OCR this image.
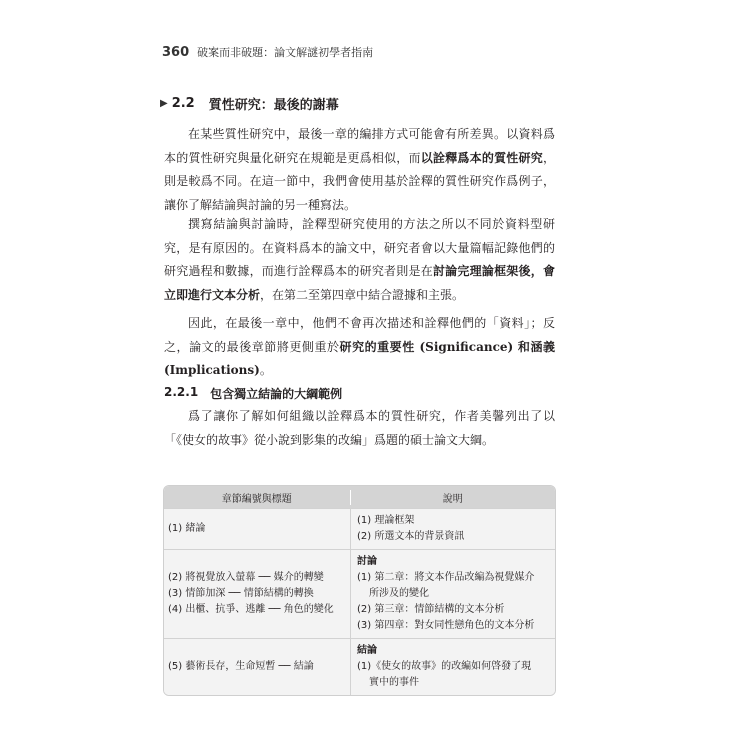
360 破案而非破題：論文解謎初學者指南
▶ 2.2 質性研究：最後的謝幕

在某些質性研究中，最後一章的編排方式可能會有所差異。以資料爲本的質性研究與量化研究在規範是更爲相似，而以詮釋爲本的質性研究，則是較爲不同。在這一節中，我們會使用基於詮釋的質性研究作爲例子，讓你了解結論與討論的另一種寫法。

撰寫結論與討論時，詮釋型研究使用的方法之所以不同於資料型研究，是有原因的。在資料爲本的論文中，研究者會以大量篇幅記錄他們的研究過程和數據，而進行詮釋爲本的研究者則是在討論完理論框架後，會立即進行文本分析，在第二至第四章中結合證據和主張。

因此，在最後一章中，他們不會再次描述和詮釋他們的「資料」；反之，論文的最後章節將更側重於研究的重要性 (Significance) 和涵義 (Implications)。

2.2.1 包含獨立結論的大綱範例

爲了讓你了解如何組織以詮釋爲本的質性研究，作者美馨列出了以「《使女的故事》從小說到影集的改編」爲題的碩士論文大綱。

章節編號與標題	說明
(1) 緒論
(1) 理論框架
(2) 所選文本的背景資訊
(2) 將視覺放入螢幕 ── 媒介的轉變
(3) 情節加深 ── 情節結構的轉換
(4) 出櫃、抗爭、逃離 ── 角色的變化
討論
(1) 第二章：將文本作品改編為視覺媒介
所涉及的變化
(2) 第三章：情節結構的文本分析
(3) 第四章：對女同性戀角色的文本分析
(5) 藝術長存，生命短暫 ── 結論
結論
(1)《使女的故事》的改編如何啓發了現
實中的事件
